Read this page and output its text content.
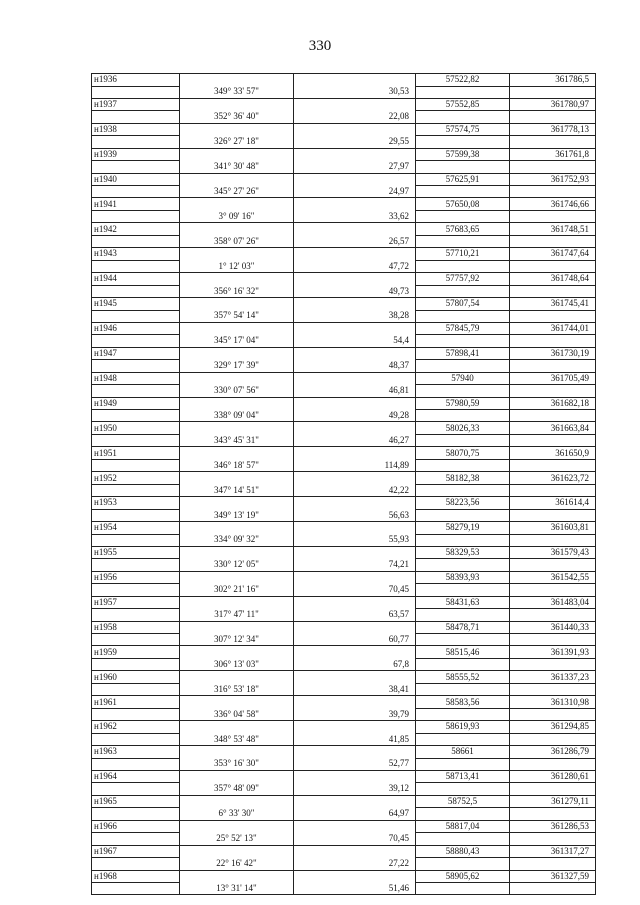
330
н1936			57522,82	361786,5
	349° 33' 57"	30,53		
н1937			57552,85	361780,97
	352° 36' 40"	22,08		
н1938			57574,75	361778,13
	326° 27' 18"	29,55		
н1939			57599,38	361761,8
	341° 30' 48"	27,97		
н1940			57625,91	361752,93
	345° 27' 26"	24,97		
н1941			57650,08	361746,66
	3° 09' 16"	33,62		
н1942			57683,65	361748,51
	358° 07' 26"	26,57		
н1943			57710,21	361747,64
	1° 12' 03"	47,72		
н1944			57757,92	361748,64
	356° 16' 32"	49,73		
н1945			57807,54	361745,41
	357° 54' 14"	38,28		
н1946			57845,79	361744,01
	345° 17' 04"	54,4		
н1947			57898,41	361730,19
	329° 17' 39"	48,37		
н1948			57940	361705,49
	330° 07' 56"	46,81		
н1949			57980,59	361682,18
	338° 09' 04"	49,28		
н1950			58026,33	361663,84
	343° 45' 31"	46,27		
н1951			58070,75	361650,9
	346° 18' 57"	114,89		
н1952			58182,38	361623,72
	347° 14' 51"	42,22		
н1953			58223,56	361614,4
	349° 13' 19"	56,63		
н1954			58279,19	361603,81
	334° 09' 32"	55,93		
н1955			58329,53	361579,43
	330° 12' 05"	74,21		
н1956			58393,93	361542,55
	302° 21' 16"	70,45		
н1957			58431,63	361483,04
	317° 47' 11"	63,57		
н1958			58478,71	361440,33
	307° 12' 34"	60,77		
н1959			58515,46	361391,93
	306° 13' 03"	67,8		
н1960			58555,52	361337,23
	316° 53' 18"	38,41		
н1961			58583,56	361310,98
	336° 04' 58"	39,79		
н1962			58619,93	361294,85
	348° 53' 48"	41,85		
н1963			58661	361286,79
	353° 16' 30"	52,77		
н1964			58713,41	361280,61
	357° 48' 09"	39,12		
н1965			58752,5	361279,11
	6° 33' 30"	64,97		
н1966			58817,04	361286,53
	25° 52' 13"	70,45		
н1967			58880,43	361317,27
	22° 16' 42"	27,22		
н1968			58905,62	361327,59
	13° 31' 14"	51,46		
